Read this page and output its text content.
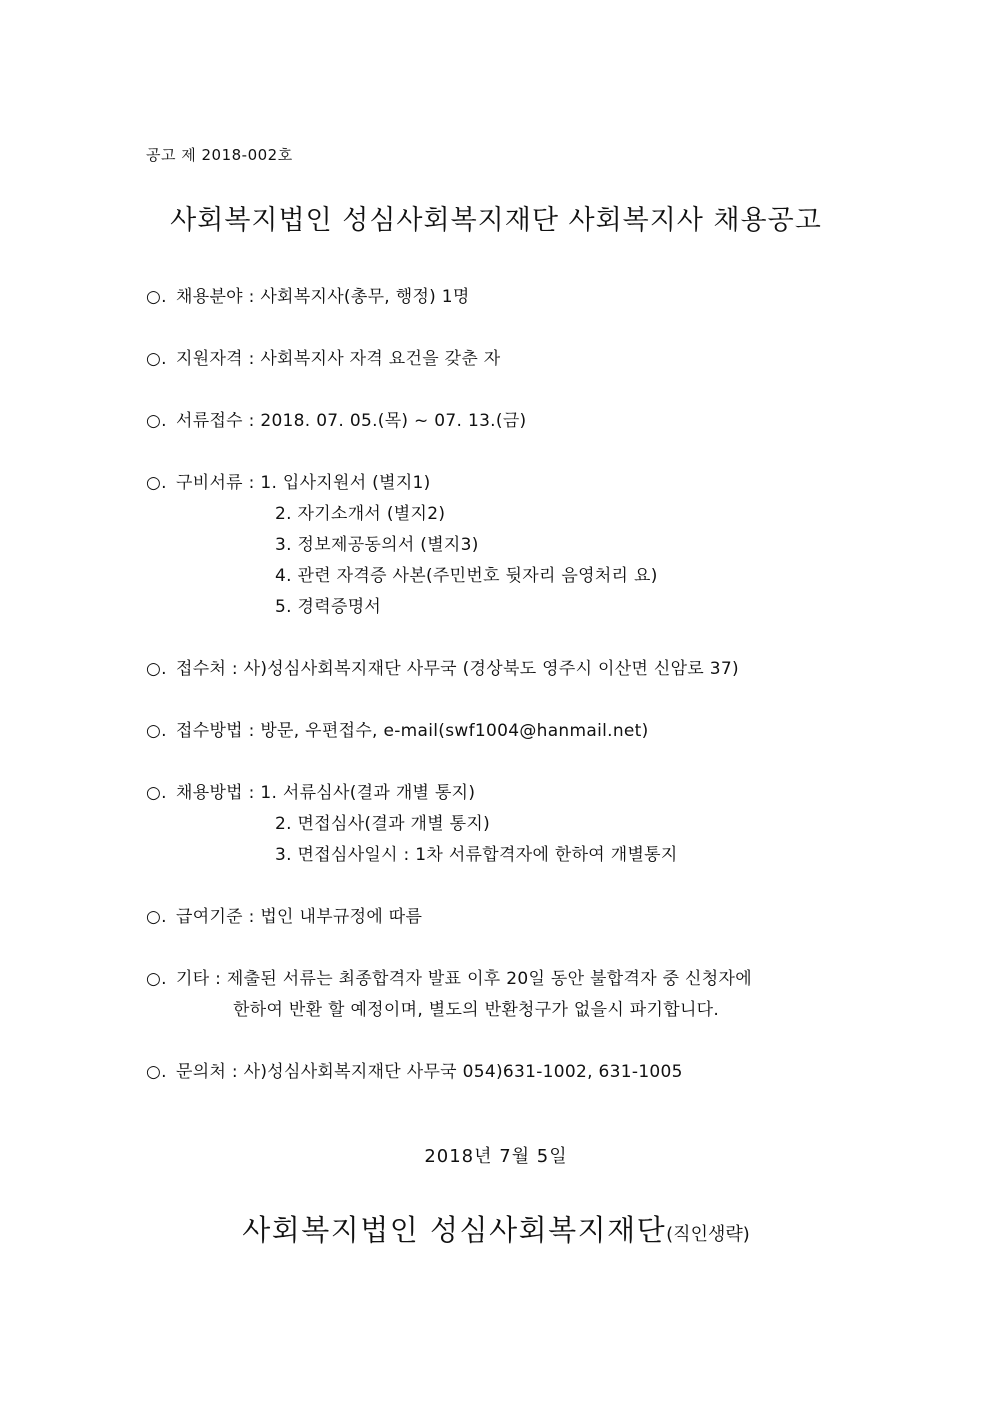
공고 제 2018-002호
사회복지법인 성심사회복지재단 사회복지사 채용공고
○. 채용분야 : 사회복지사(총무, 행정) 1명
○. 지원자격 : 사회복지사 자격 요건을 갖춘 자
○. 서류접수 : 2018. 07. 05.(목) ~ 07. 13.(금)
○. 구비서류 : 1. 입사지원서 (별지1)
2. 자기소개서 (별지2)
3. 정보제공동의서 (별지3)
4. 관련 자격증 사본(주민번호 뒷자리 음영처리 요)
5. 경력증명서
○. 접수처 : 사)성심사회복지재단 사무국 (경상북도 영주시 이산면 신암로 37)
○. 접수방법 : 방문, 우편접수, e-mail(swf1004@hanmail.net)
○. 채용방법 : 1. 서류심사(결과 개별 통지)
2. 면접심사(결과 개별 통지)
3. 면접심사일시 : 1차 서류합격자에 한하여 개별통지
○. 급여기준 : 법인 내부규정에 따름
○. 기타 : 제출된 서류는 최종합격자 발표 이후 20일 동안 불합격자 중 신청자에
한하여 반환 할 예정이며, 별도의 반환청구가 없을시 파기합니다.
○. 문의처 : 사)성심사회복지재단 사무국 054)631-1002, 631-1005
2018년 7월 5일
사회복지법인 성심사회복지재단(직인생략)
